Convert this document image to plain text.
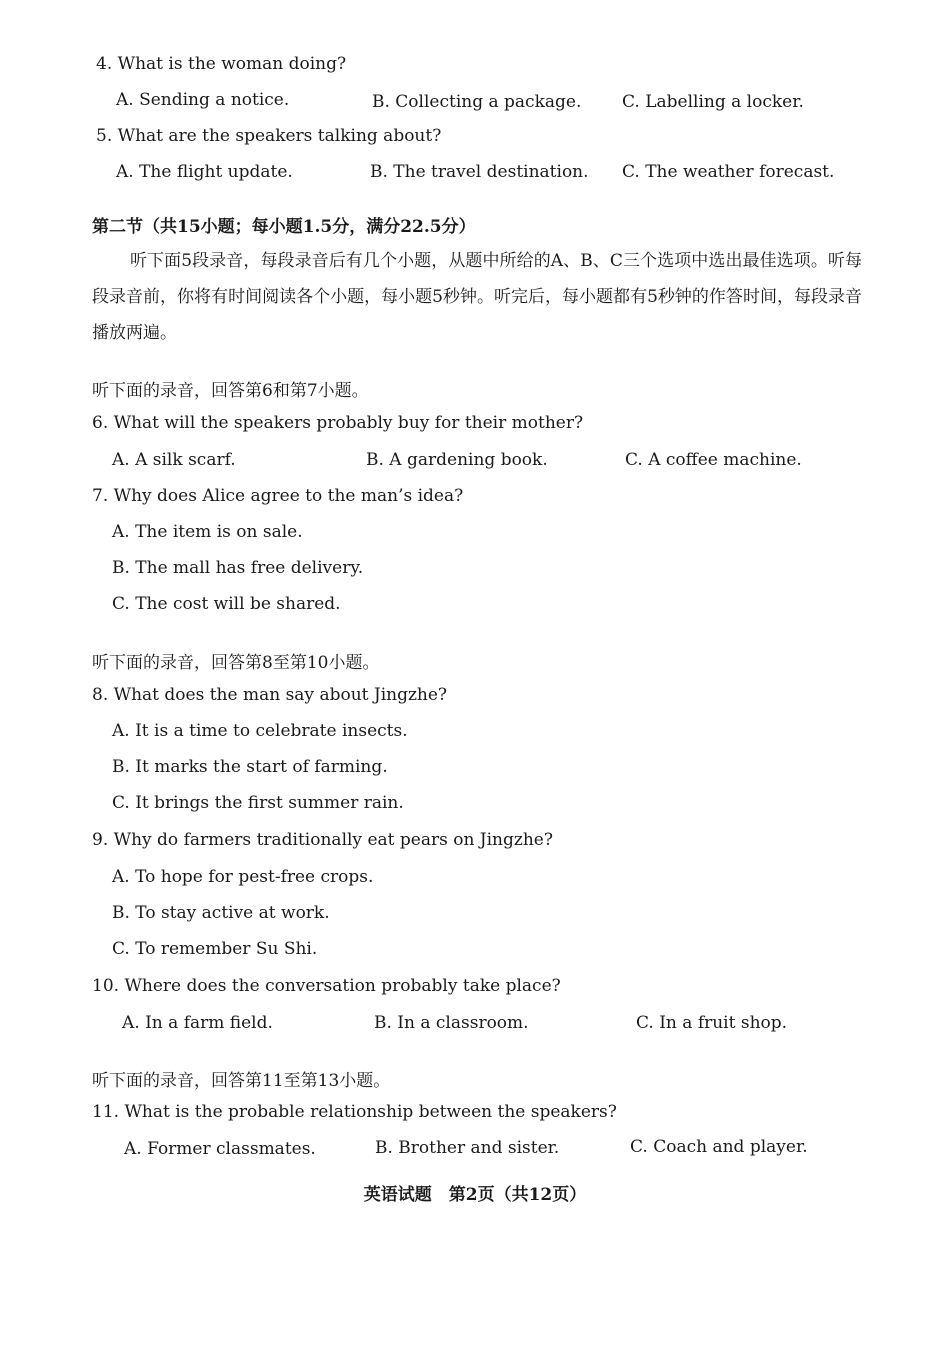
4. What is the woman doing?
A. Sending a notice.	B. Collecting a package. C. Labelling a locker.
5. What are the speakers talking about?
A. The flight update.	B. The travel destination. C. The weather forecast.
第二节（共15小题；每小题1.5分，满分22.5分）
听下面5段录音，每段录音后有几个小题，从题中所给的A、B、C三个选项中选出最佳选项。听每段录音前，你将有时间阅读各个小题，每小题5秒钟。听完后，每小题都有5秒钟的作答时间，每段录音播放两遍。
听下面的录音，回答第6和第7小题。
6. What will the speakers probably buy for their mother?
A. A silk scarf.	B. A gardening book.	C. A coffee machine.
7. Why does Alice agree to the man’s idea?
A. The item is on sale.
B. The mall has free delivery.
C. The cost will be shared.
听下面的录音，回答第8至第10小题。
8. What does the man say about Jingzhe?
A. It is a time to celebrate insects.
B. It marks the start of farming.
C. It brings the first summer rain.
9. Why do farmers traditionally eat pears on Jingzhe?
A. To hope for pest-free crops.
B. To stay active at work.
C. To remember Su Shi.
10. Where does the conversation probably take place?
A. In a farm field.	B. In a classroom.	C. In a fruit shop.
听下面的录音，回答第11至第13小题。
11. What is the probable relationship between the speakers?
A. Former classmates.	B. Brother and sister.	C. Coach and player.
英语试题　第2页（共12页）
